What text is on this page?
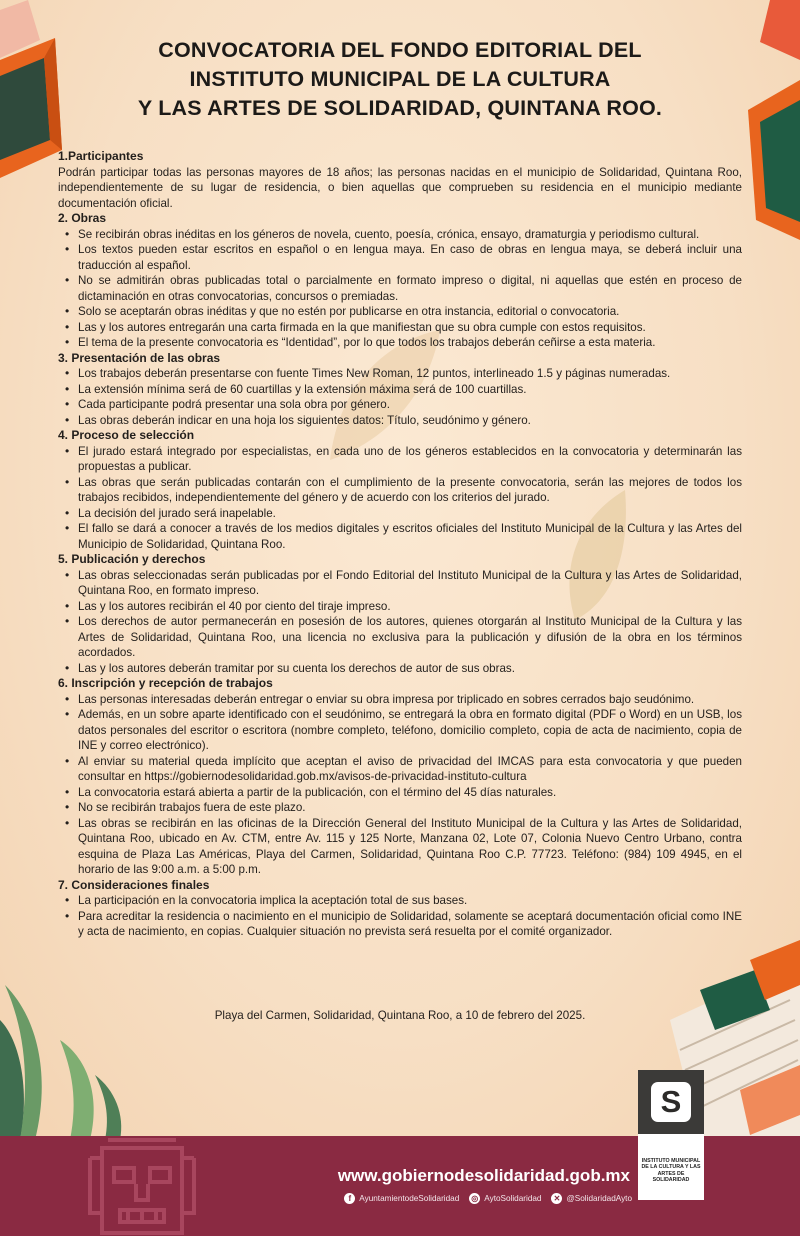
CONVOCATORIA DEL FONDO EDITORIAL DEL
INSTITUTO MUNICIPAL DE LA CULTURA
Y LAS ARTES DE SOLIDARIDAD, QUINTANA ROO.
1.Participantes

Podrán participar todas las personas mayores de 18 años; las personas nacidas en el municipio de Solidaridad, Quintana Roo, independientemente de su lugar de residencia, o bien aquellas que comprueben su residencia en el municipio mediante documentación oficial.

2. Obras
• Se recibirán obras inéditas en los géneros de novela, cuento, poesía, crónica, ensayo, dramaturgia y periodismo cultural.
• Los textos pueden estar escritos en español o en lengua maya. En caso de obras en lengua maya, se deberá incluir una traducción al español.
• No se admitirán obras publicadas total o parcialmente en formato impreso o digital, ni aquellas que estén en proceso de dictaminación en otras convocatorias, concursos o premiadas.
• Solo se aceptarán obras inéditas y que no estén por publicarse en otra instancia, editorial o convocatoria.
• Las y los autores entregarán una carta firmada en la que manifiestan que su obra cumple con estos requisitos.
• El tema de la presente convocatoria es “Identidad”, por lo que todos los trabajos deberán ceñirse a esta materia.
3. Presentación de las obras
• Los trabajos deberán presentarse con fuente Times New Roman, 12 puntos, interlineado 1.5 y páginas numeradas.
• La extensión mínima será de 60 cuartillas y la extensión máxima será de 100 cuartillas.
• Cada participante podrá presentar una sola obra por género.
• Las obras deberán indicar en una hoja los siguientes datos: Título, seudónimo y género.
4. Proceso de selección
• El jurado estará integrado por especialistas, en cada uno de los géneros establecidos en la convocatoria y determinarán las propuestas a publicar.
• Las obras que serán publicadas contarán con el cumplimiento de la presente convocatoria, serán las mejores de todos los trabajos recibidos, independientemente del género y de acuerdo con los criterios del jurado.
• La decisión del jurado será inapelable.
• El fallo se dará a conocer a través de los medios digitales y escritos oficiales del Instituto Municipal de la Cultura y las Artes del Municipio de Solidaridad, Quintana Roo.
5. Publicación y derechos
• Las obras seleccionadas serán publicadas por el Fondo Editorial del Instituto Municipal de la Cultura y las Artes de Solidaridad, Quintana Roo, en formato impreso.
• Las y los autores recibirán el 40 por ciento del tiraje impreso.
• Los derechos de autor permanecerán en posesión de los autores, quienes otorgarán al Instituto Municipal de la Cultura y las Artes de Solidaridad, Quintana Roo, una licencia no exclusiva para la publicación y difusión de la obra en los términos acordados.
• Las y los autores deberán tramitar por su cuenta los derechos de autor de sus obras.
6. Inscripción y recepción de trabajos
• Las personas interesadas deberán entregar o enviar su obra impresa por triplicado en sobres cerrados bajo seudónimo.
• Además, en un sobre aparte identificado con el seudónimo, se entregará la obra en formato digital (PDF o Word) en un USB, los datos personales del escritor o escritora (nombre completo, teléfono, domicilio completo, copia de acta de nacimiento, copia de INE y correo electrónico).
• Al enviar su material queda implícito que aceptan el aviso de privacidad del IMCAS para esta convocatoria y que pueden consultar en https://gobiernodesolidaridad.gob.mx/avisos-de-privacidad-instituto-cultura
• La convocatoria estará abierta a partir de la publicación, con el término del 45 días naturales.
• No se recibirán trabajos fuera de este plazo.
• Las obras se recibirán en las oficinas de la Dirección General del Instituto Municipal de la Cultura y las Artes de Solidaridad, Quintana Roo, ubicado en Av. CTM, entre Av. 115 y 125 Norte, Manzana 02, Lote 07, Colonia Nuevo Centro Urbano, contra esquina de Plaza Las Américas, Playa del Carmen, Solidaridad, Quintana Roo C.P. 77723. Teléfono: (984) 109 4945, en el horario de las 9:00 a.m. a 5:00 p.m.
7. Consideraciones finales
• La participación en la convocatoria implica la aceptación total de sus bases.
• Para acreditar la residencia o nacimiento en el municipio de Solidaridad, solamente se aceptará documentación oficial como INE y acta de nacimiento, en copias. Cualquier situación no prevista será resuelta por el comité organizador.
Playa del Carmen, Solidaridad, Quintana Roo, a 10 de febrero del 2025.
www.gobiernodesolidaridad.gob.mx
f AyuntamientodeSolidaridad ◎ AytoSolidaridad ✕ @SolidaridadAyto
S
INSTITUTO MUNICIPAL DE LA CULTURA Y LAS ARTES DE SOLIDARIDAD
